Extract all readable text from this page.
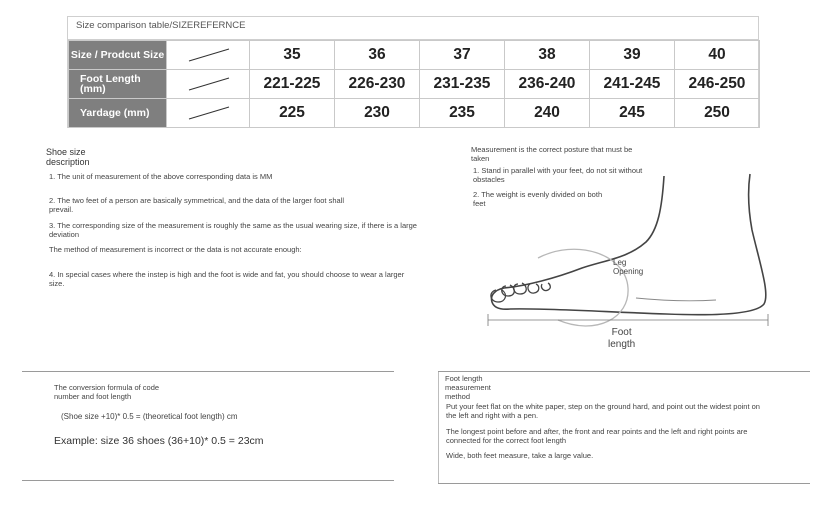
Size comparison table/SIZEREFERNCE
Size / Prodcut Size		35	36	37	38	39	40
Foot Length (mm)		221-225	226-230	231-235	236-240	241-245	246-250
Yardage (mm)		225	230	235	240	245	250
Shoe size
description
1. The unit of measurement of the above corresponding data is MM
2. The two feet of a person are basically symmetrical, and the data of the larger foot shall prevail.
3. The corresponding size of the measurement is roughly the same as the usual wearing size, if there is a large deviation
The method of measurement is incorrect or the data is not accurate enough:
4. In special cases where the instep is high and the foot is wide and fat, you should choose to wear a larger size.
Measurement is the correct posture that must be taken
1. Stand in parallel with your feet, do not sit without obstacles
2. The weight is evenly divided on both feet
Leg
Opening
Foot
length
The conversion formula of code number and foot length
(Shoe size +10)* 0.5 = (theoretical foot length) cm
Example: size 36 shoes (36+10)* 0.5 = 23cm
Foot length
measurement
method
Put your feet flat on the white paper, step on the ground hard, and point out the widest point on the left and right with a pen.
The longest point before and after, the front and rear points and the left and right points are connected for the correct foot length
Wide, both feet measure, take a large value.
